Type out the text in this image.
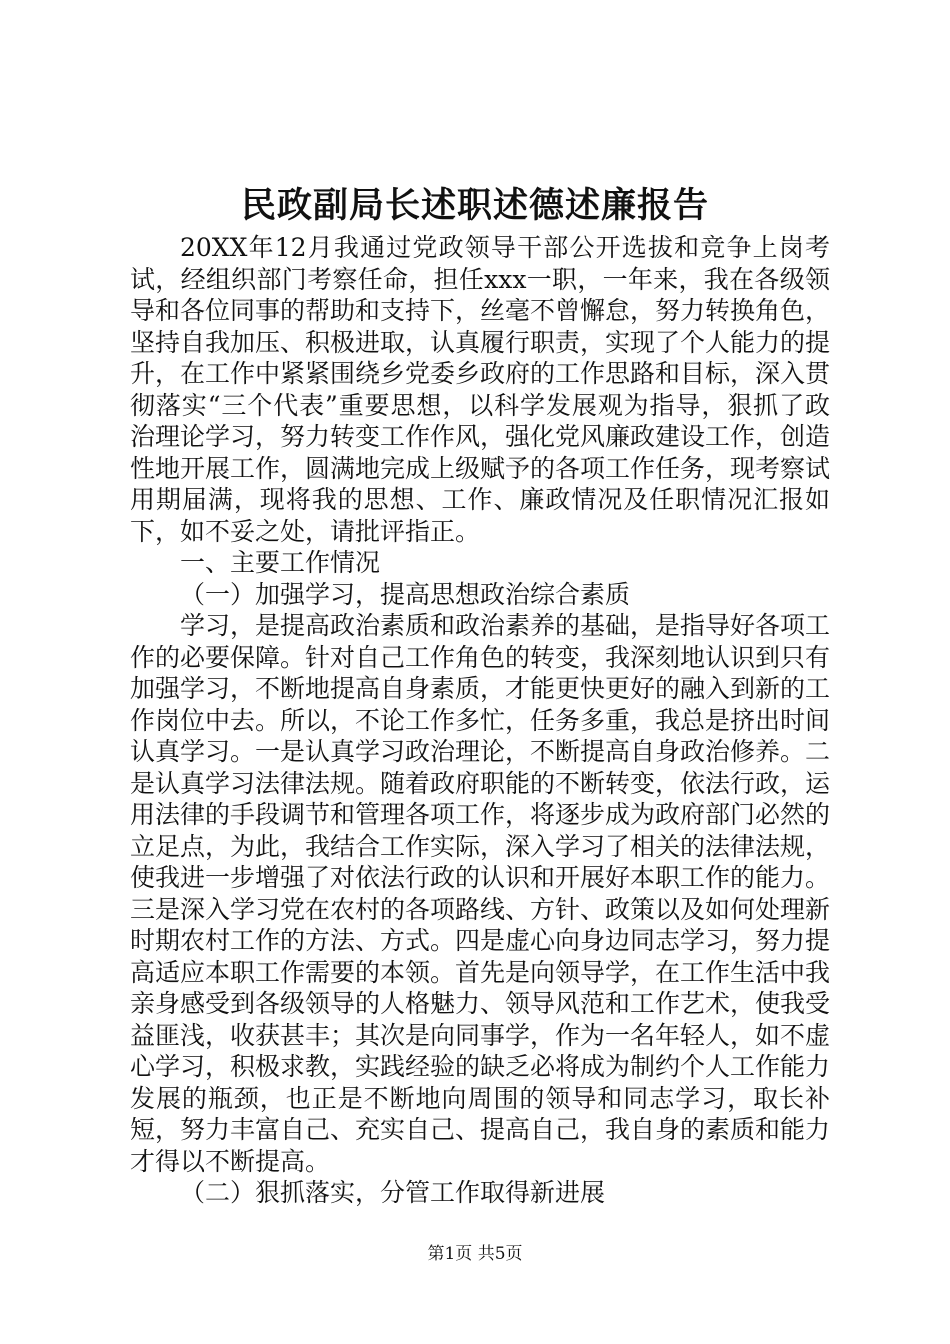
民政副局长述职述德述廉报告

20XX年12月我通过党政领导干部公开选拔和竞争上岗考试，经组织部门考察任命，担任xxx一职，一年来，我在各级领导和各位同事的帮助和支持下，丝毫不曾懈怠，努力转换角色，坚持自我加压、积极进取，认真履行职责，实现了个人能力的提升，在工作中紧紧围绕乡党委乡政府的工作思路和目标，深入贯彻落实“三个代表”重要思想，以科学发展观为指导，狠抓了政治理论学习，努力转变工作作风，强化党风廉政建设工作，创造性地开展工作，圆满地完成上级赋予的各项工作任务，现考察试用期届满，现将我的思想、工作、廉政情况及任职情况汇报如下，如不妥之处，请批评指正。

一、主要工作情况

（一）加强学习，提高思想政治综合素质

学习，是提高政治素质和政治素养的基础，是指导好各项工作的必要保障。针对自己工作角色的转变，我深刻地认识到只有加强学习，不断地提高自身素质，才能更快更好的融入到新的工作岗位中去。所以，不论工作多忙，任务多重，我总是挤出时间认真学习。一是认真学习政治理论，不断提高自身政治修养。二是认真学习法律法规。随着政府职能的不断转变，依法行政，运用法律的手段调节和管理各项工作，将逐步成为政府部门必然的立足点，为此，我结合工作实际，深入学习了相关的法律法规，使我进一步增强了对依法行政的认识和开展好本职工作的能力。三是深入学习党在农村的各项路线、方针、政策以及如何处理新时期农村工作的方法、方式。四是虚心向身边同志学习，努力提高适应本职工作需要的本领。首先是向领导学，在工作生活中我亲身感受到各级领导的人格魅力、领导风范和工作艺术，使我受益匪浅，收获甚丰；其次是向同事学，作为一名年轻人，如不虚心学习，积极求教，实践经验的缺乏必将成为制约个人工作能力发展的瓶颈，也正是不断地向周围的领导和同志学习，取长补短，努力丰富自己、充实自己、提高自己，我自身的素质和能力才得以不断提高。

（二）狠抓落实，分管工作取得新进展

第1页 共5页
